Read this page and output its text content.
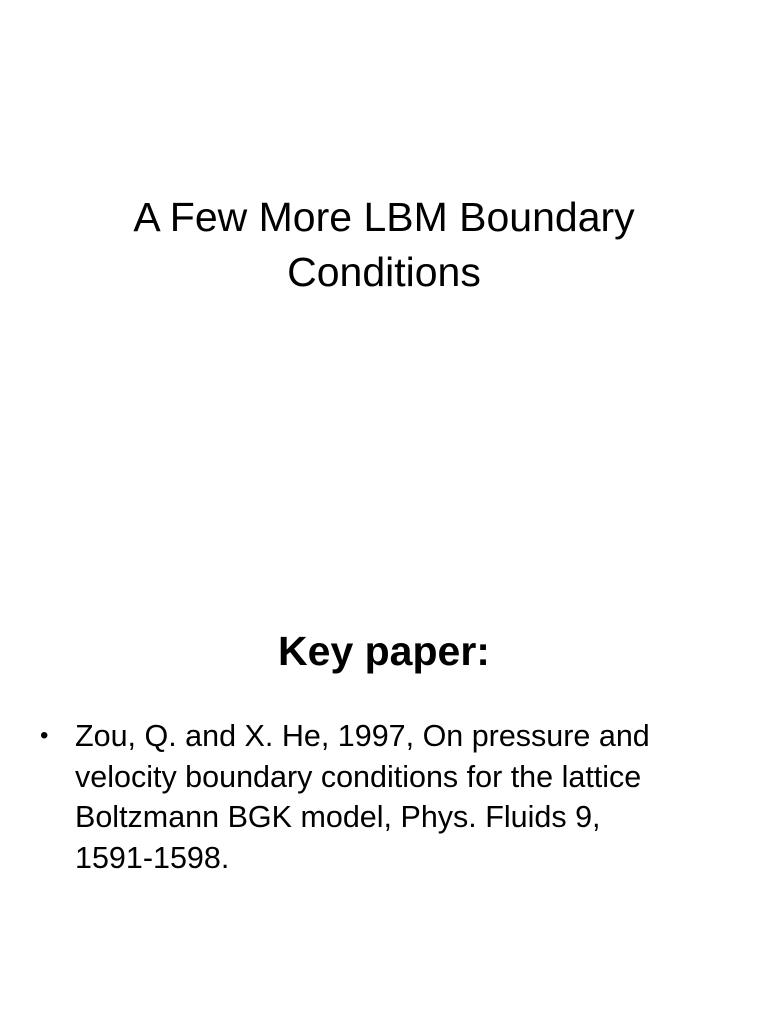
A Few More LBM Boundary
Conditions
Key paper:
• Zou, Q. and X. He, 1997, On pressure and
velocity boundary conditions for the lattice
Boltzmann BGK model, Phys. Fluids 9,
1591-1598.
